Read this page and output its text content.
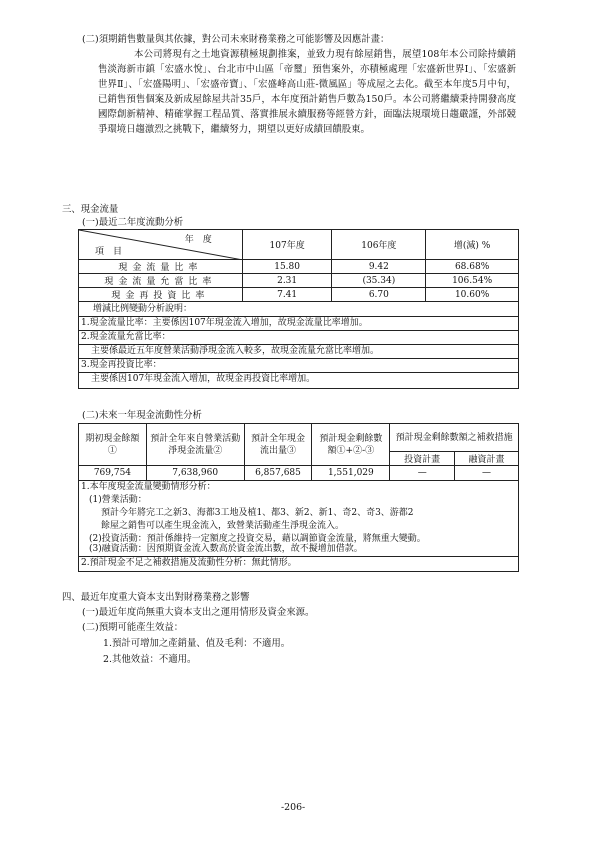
(二)須期銷售數量與其依據，對公司未來財務業務之可能影響及因應計畫：
本公司將現有之土地資源積極規劃推案，並致力現有餘屋銷售，展望108年本公司除持續銷售淡海新市鎮「宏盛水悅」、台北市中山區「帝璽」預售案外，亦積極處理「宏盛新世界Ⅰ」、「宏盛新世界Ⅱ」、「宏盛陽明」、「宏盛帝寶」、「宏盛峰高山莊-微風區」等成屋之去化。截至本年度5月中旬，已銷售預售個案及新成屋餘屋共計35戶，本年度預計銷售戶數為150戶。本公司將繼續秉持開發高度國際創新精神、精確掌握工程品質、落實推展永續服務等經營方針，面臨法規環境日趨嚴謹，外部競爭環境日趨激烈之挑戰下，繼續努力，期望以更好成績回饋股東。
三、現金流量
(一)最近二年度流動分析
年　度
項　目	107年度	106年度	增(減) %
現金流量比率	15.80	9.42	68.68%
現金流量允當比率	2.31	(35.34)	106.54%
現金再投資比率	7.41	6.70	10.60%
增減比例變動分析說明：
1.現金流量比率：主要係因107年現金流入增加，故現金流量比率增加。
2.現金流量允當比率：
主要係最近五年度營業活動淨現金流入較多，故現金流量允當比率增加。
3.現金再投資比率：
主要係因107年現金流入增加，故現金再投資比率增加。
(二)未來一年現金流動性分析
期初現金餘額①	預計全年來自營業活動淨現金流量②	預計全年現金流出量③	預計現金剩餘數額①+②-③	預計現金剩餘數額之補救措施	
				投資計畫	融資計畫
769,754	7,638,960	6,857,685	1,551,029	—	—
1.本年度現金流量變動情形分析：
(1)營業活動：
預計今年將完工之新3、海都3工地及植1、都3、新2、新1、奇2、奇3、游都2
餘屋之銷售可以產生現金流入，致營業活動產生淨現金流入。
(2)投資活動：預計係維持一定額度之投資交易，藉以調節資金流量，將無重大變動。
(3)融資活動：因預期資金流入數高於資金流出數，故不擬增加借款。
2.預計現金不足之補救措施及流動性分析：無此情形。
四、最近年度重大資本支出對財務業務之影響
(一)最近年度尚無重大資本支出之運用情形及資金來源。
(二)預期可能產生效益：
1.預計可增加之產銷量、值及毛利：不適用。
2.其他效益：不適用。
-206-
